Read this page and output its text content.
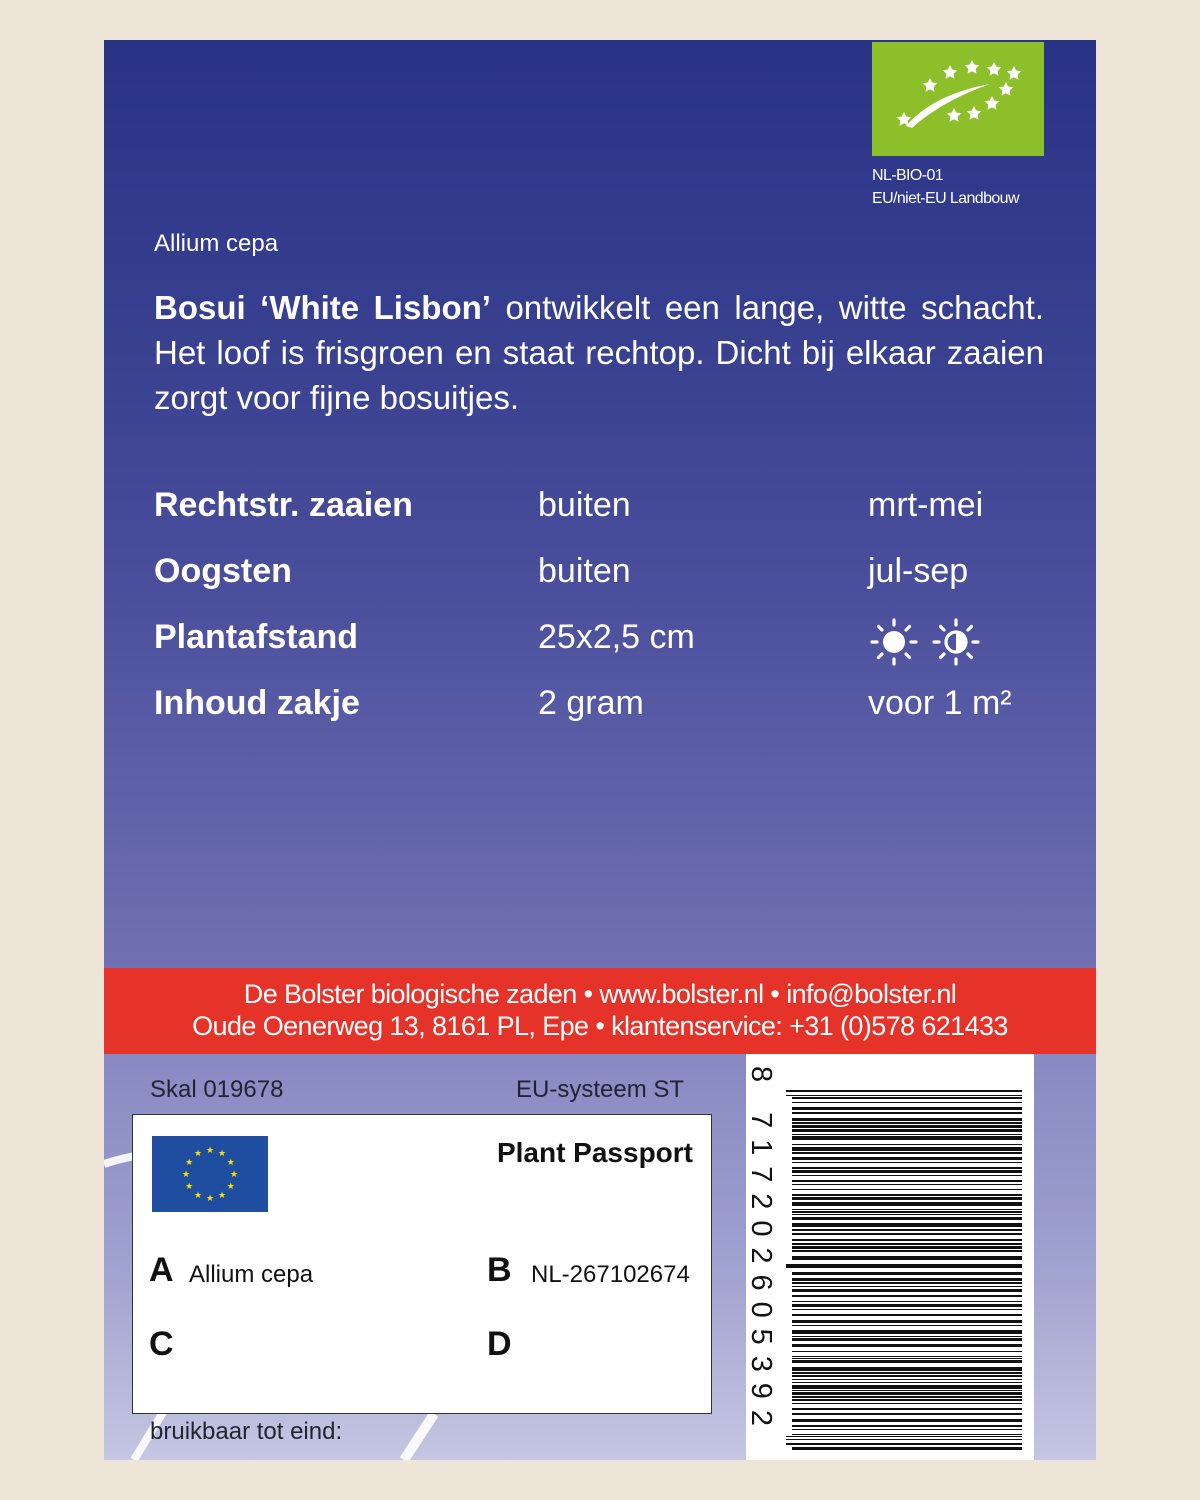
NL-BIO-01
EU/niet-EU Landbouw
Allium cepa
Bosui ‘White Lisbon’ ontwikkelt een lange, witte schacht. Het loof is frisgroen en staat rechtop. Dicht bij elkaar zaaien zorgt voor fijne bosuitjes.
Rechtstr. zaaien	buiten	mrt-mei
Oogsten	buiten	jul-sep
Plantafstand	25x2,5 cm
Inhoud zakje	2 gram	voor 1 m²
De Bolster biologische zaden • www.bolster.nl • info@bolster.nl
Oude Oenerweg 13, 8161 PL, Epe • klantenservice: +31 (0)578 621433
Skal 019678	EU-systeem ST
★
★
★
★
★
★
★
★
★ ★ ★
★	Plant Passport
A Allium cepa	B NL-267102674
C	D
bruikbaar tot eind:
8 717202605392
